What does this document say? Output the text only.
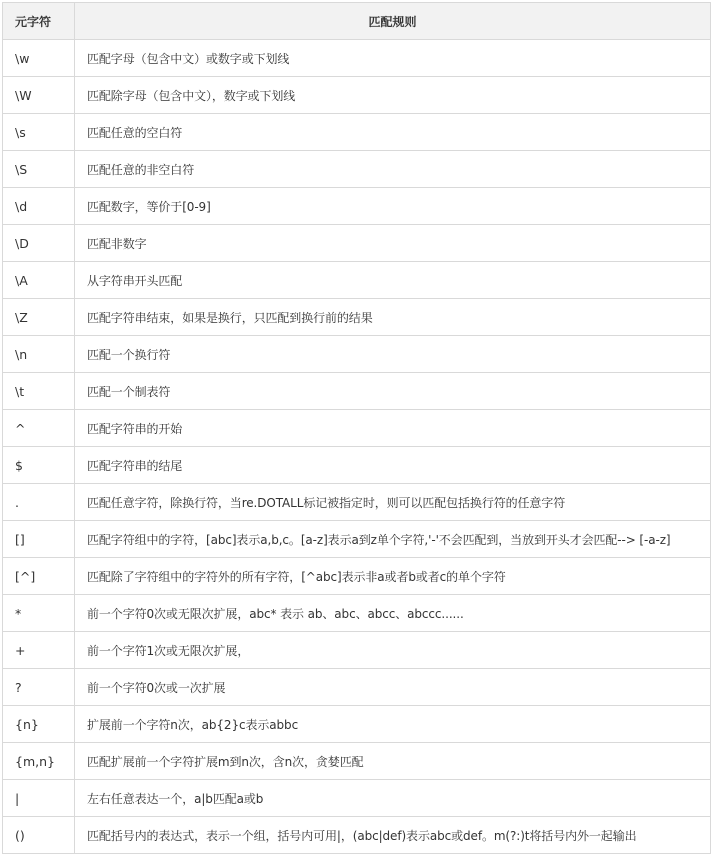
元字符	匹配规则
\w	匹配字母（包含中文）或数字或下划线
\W	匹配除字母（包含中文），数字或下划线
\s	匹配任意的空白符
\S	匹配任意的非空白符
\d	匹配数字，等价于[0-9]
\D	匹配非数字
\A	从字符串开头匹配
\Z	匹配字符串结束，如果是换行，只匹配到换行前的结果
\n	匹配一个换行符
\t	匹配一个制表符
^	匹配字符串的开始
$	匹配字符串的结尾
.	匹配任意字符，除换行符，当re.DOTALL标记被指定时，则可以匹配包括换行符的任意字符
[]	匹配字符组中的字符，[abc]表示a,b,c。[a-z]表示a到z单个字符,'-'不会匹配到，当放到开头才会匹配--> [-a-z]
[^]	匹配除了字符组中的字符外的所有字符，[^abc]表示非a或者b或者c的单个字符
*	前一个字符0次或无限次扩展，abc* 表示 ab、abc、abcc、abccc......
+	前一个字符1次或无限次扩展，
?	前一个字符0次或一次扩展
{n}	扩展前一个字符n次，ab{2}c表示abbc
{m,n}	匹配扩展前一个字符扩展m到n次，含n次，贪婪匹配
|	左右任意表达一个，a|b匹配a或b
()	匹配括号内的表达式，表示一个组，括号内可用|，(abc|def)表示abc或def。m(?:)t将括号内外一起输出
